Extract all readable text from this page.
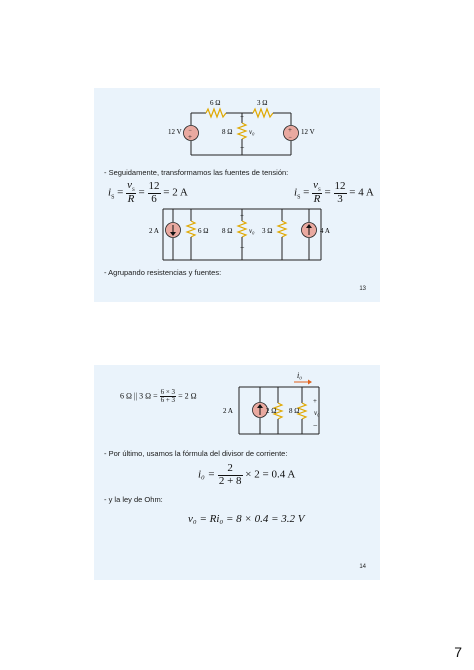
−
+
+
−
6 Ω	3 Ω
8 Ω
12 V	12 V
+
v₀
−
- Seguidamente, transformamos las fuentes de tensión:
$i_S = \frac{v_S}{R} = \frac{12}{6} = 2$ A	$i_S = \frac{v_S}{R} = \frac{12}{3} = 4$ A
2 A	6 Ω 8 Ω	3 Ω	4 A
+
v₀
−
- Agrupando resistencias y fuentes:
13
6 Ω || 3 $\Omega = \frac{6 \times 3}{6 + 3} = 2$ Ω
i₀
2 A	2 Ω 8 Ω
+
v₀
−
- Por último, usamos la fórmula del divisor de corriente:
$i_0 = \frac{2}{2 + 8} \times 2 = 0.4$ A
- y la ley de Ohm:
v₀ = Ri₀ = 8 × 0.4 = 3.2 V
14
7
